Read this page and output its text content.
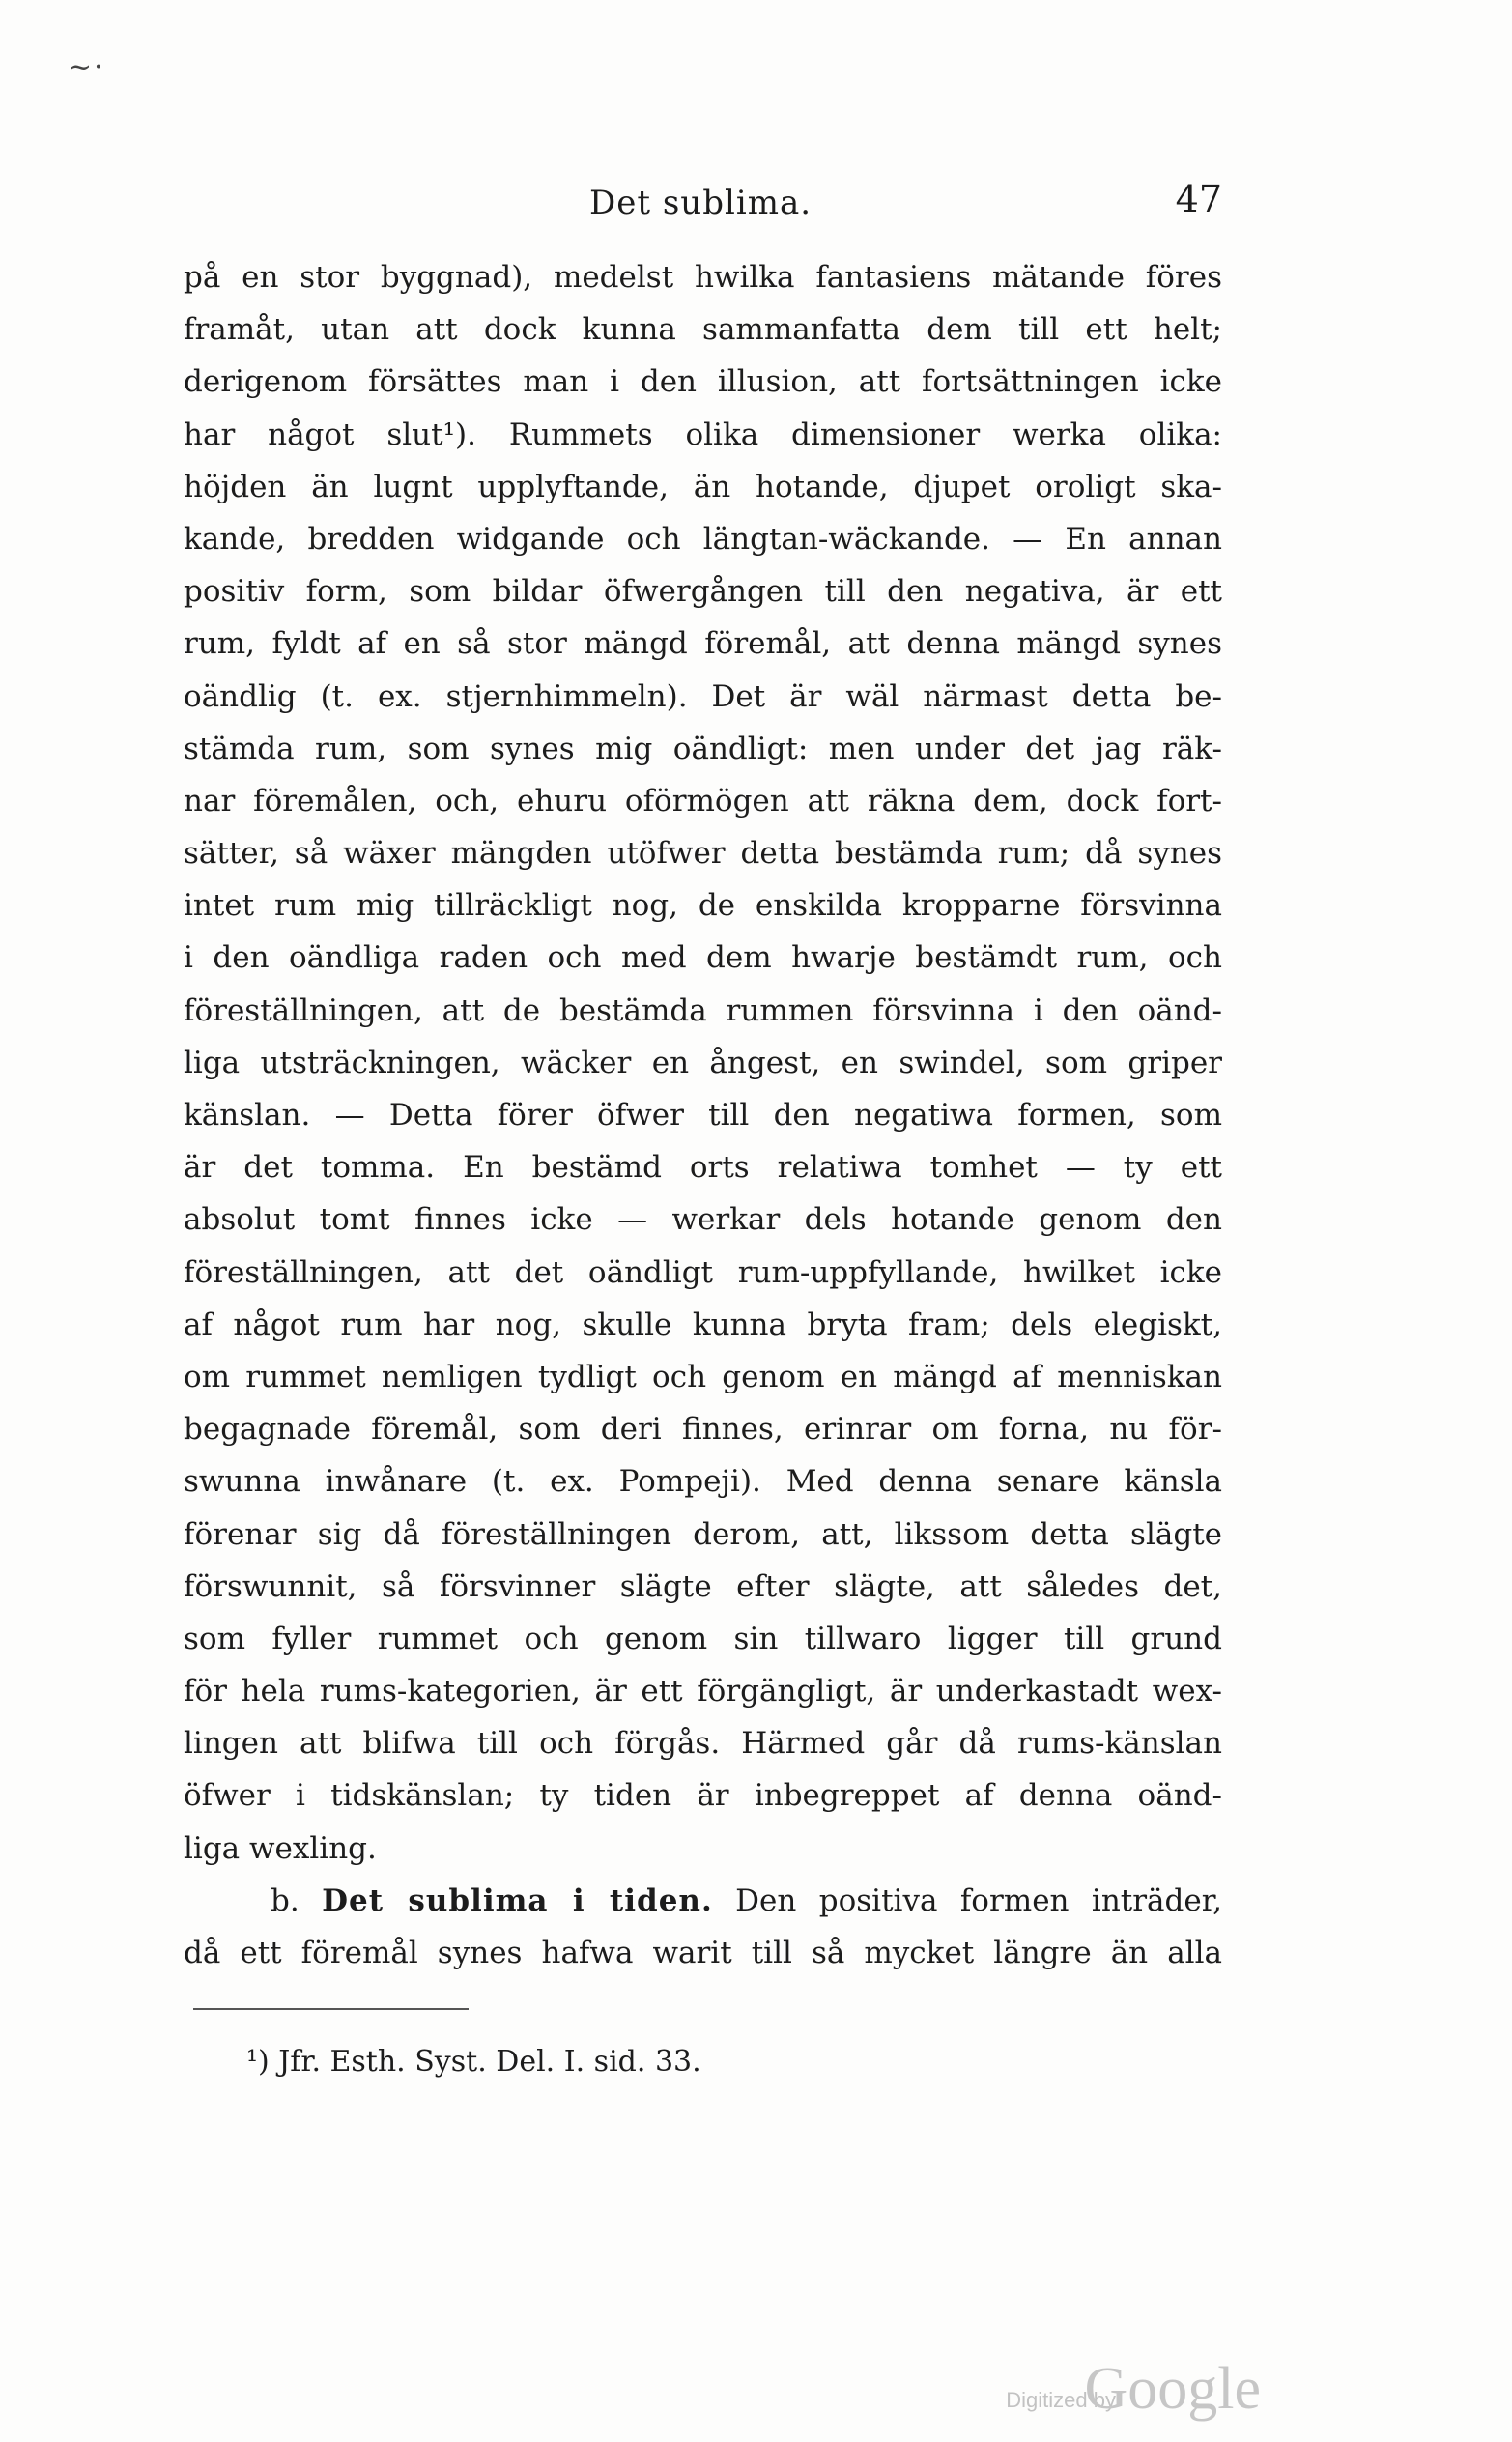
~·
Det sublima.	47
på en stor byggnad), medelst hwilka fantasiens mätande föres
framåt, utan att dock kunna sammanfatta dem till ett helt;
derigenom försättes man i den illusion, att fortsättningen icke
har något slut¹). Rummets olika dimensioner werka olika:
höjden än lugnt upplyftande, än hotande, djupet oroligt ska-
kande, bredden widgande och längtan-wäckande. — En annan
positiv form, som bildar öfwergången till den negativa, är ett
rum, fyldt af en så stor mängd föremål, att denna mängd synes
oändlig (t. ex. stjernhimmeln). Det är wäl närmast detta be-
stämda rum, som synes mig oändligt: men under det jag räk-
nar föremålen, och, ehuru oförmögen att räkna dem, dock fort-
sätter, så wäxer mängden utöfwer detta bestämda rum; då synes
intet rum mig tillräckligt nog, de enskilda kropparne försvinna
i den oändliga raden och med dem hwarje bestämdt rum, och
föreställningen, att de bestämda rummen försvinna i den oänd-
liga utsträckningen, wäcker en ångest, en swindel, som griper
känslan. — Detta förer öfwer till den negatiwa formen, som
är det tomma. En bestämd orts relatiwa tomhet — ty ett
absolut tomt finnes icke — werkar dels hotande genom den
föreställningen, att det oändligt rum-uppfyllande, hwilket icke
af något rum har nog, skulle kunna bryta fram; dels elegiskt,
om rummet nemligen tydligt och genom en mängd af menniskan
begagnade föremål, som deri finnes, erinrar om forna, nu för-
swunna inwånare (t. ex. Pompeji). Med denna senare känsla
förenar sig då föreställningen derom, att, likssom detta slägte
förswunnit, så försvinner slägte efter slägte, att således det,
som fyller rummet och genom sin tillwaro ligger till grund
för hela rums-kategorien, är ett förgängligt, är underkastadt wex-
lingen att blifwa till och förgås. Härmed går då rums-känslan
öfwer i tidskänslan; ty tiden är inbegreppet af denna oänd-
liga wexling.
b. Det sublima i tiden. Den positiva formen inträder,
då ett föremål synes hafwa warit till så mycket längre än alla
¹) Jfr. Esth. Syst. Del. I. sid. 33.
Digitized by
Google
